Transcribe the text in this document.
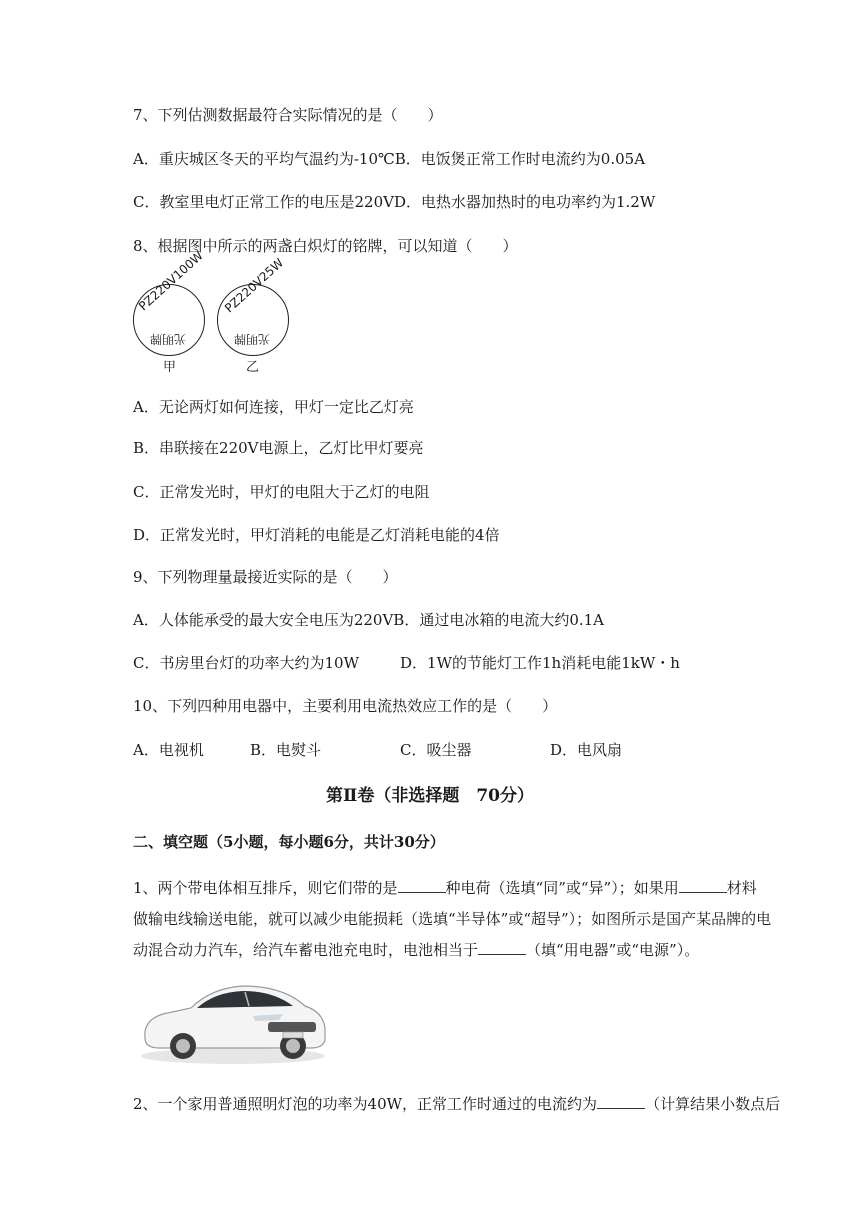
7、下列估测数据最符合实际情况的是（　　）
A．重庆城区冬天的平均气温约为-10℃B．电饭煲正常工作时电流约为0.05A
C．教室里电灯正常工作的电压是220VD．电热水器加热时的电功率约为1.2W
8、根据图中所示的两盏白炽灯的铭牌，可以知道（　　）
PZ220V100W
光明牌
甲
PZ220V25W
光明牌
乙
A．无论两灯如何连接，甲灯一定比乙灯亮
B．串联接在220V电源上，乙灯比甲灯要亮
C．正常发光时，甲灯的电阻大于乙灯的电阻
D．正常发光时，甲灯消耗的电能是乙灯消耗电能的4倍
9、下列物理量最接近实际的是（　　）
A．人体能承受的最大安全电压为220VB．通过电冰箱的电流大约0.1A
C．书房里台灯的功率大约为10W	D．1W的节能灯工作1h消耗电能1kW・h
10、下列四种用电器中，主要利用电流热效应工作的是（　　）
A．电视机	B．电熨斗	C．吸尘器	D．电风扇
第Ⅱ卷（非选择题　70分）
二、填空题（5小题，每小题6分，共计30分）
1、两个带电体相互排斥，则它们带的是	种电荷（选填“同”或“异”）；如果用	材料
做输电线输送电能，就可以减少电能损耗（选填“半导体”或“超导”）；如图所示是国产某品牌的电
动混合动力汽车，给汽车蓄电池充电时，电池相当于	（填“用电器”或“电源”）。
2、一个家用普通照明灯泡的功率为40W，正常工作时通过的电流约为	（计算结果小数点后
